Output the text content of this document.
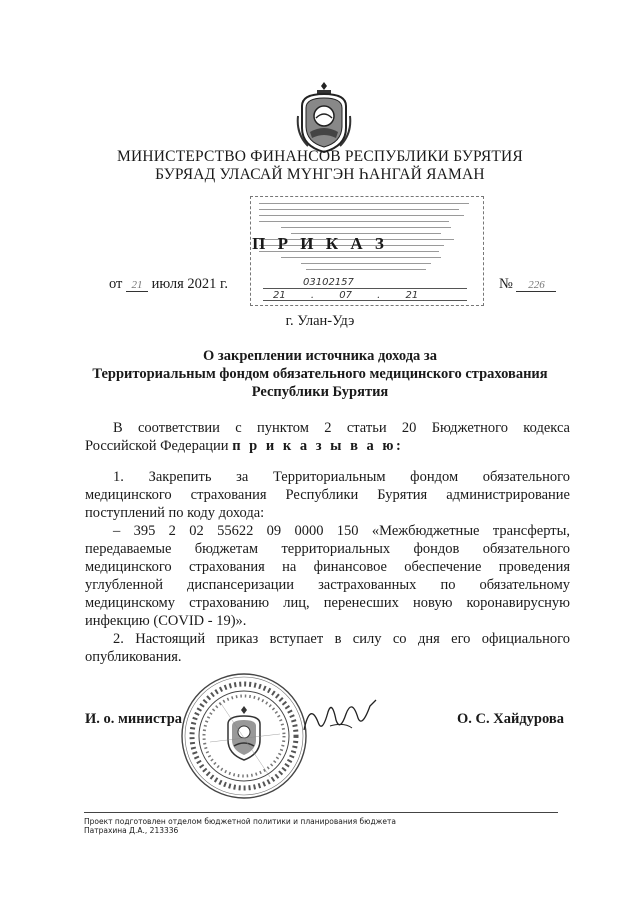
МИНИСТЕРСТВО ФИНАНСОВ РЕСПУБЛИКИ БУРЯТИЯ
БУРЯАД УЛАСАЙ МҮНГЭН ҺАНГАЙ ЯАМАН
03102157
21 . 07 . 21
П Р И К А З
от 21 июля 2021 г.	№ 226
г. Улан-Удэ
О закреплении источника дохода за
Территориальным фондом обязательного медицинского страхования
Республики Бурятия
В соответствии с пунктом 2 статьи 20 Бюджетного кодекса
Российской Федерации п р и к а з ы в а ю:
1. Закрепить за Территориальным фондом обязательного
медицинского страхования Республики Бурятия администрирование
поступлений по коду дохода:
– 395 2 02 55622 09 0000 150 «Межбюджетные трансферты,
передаваемые бюджетам территориальных фондов обязательного
медицинского страхования на финансовое обеспечение проведения
углубленной диспансеризации застрахованных по обязательному
медицинскому страхованию лиц, перенесших новую коронавирусную
инфекцию (COVID - 19)».
2. Настоящий приказ вступает в силу со дня его официального
опубликования.
И. о. министра	О. С. Хайдурова
Проект подготовлен отделом бюджетной политики и планирования бюджета
Патрахина Д.А., 213336
